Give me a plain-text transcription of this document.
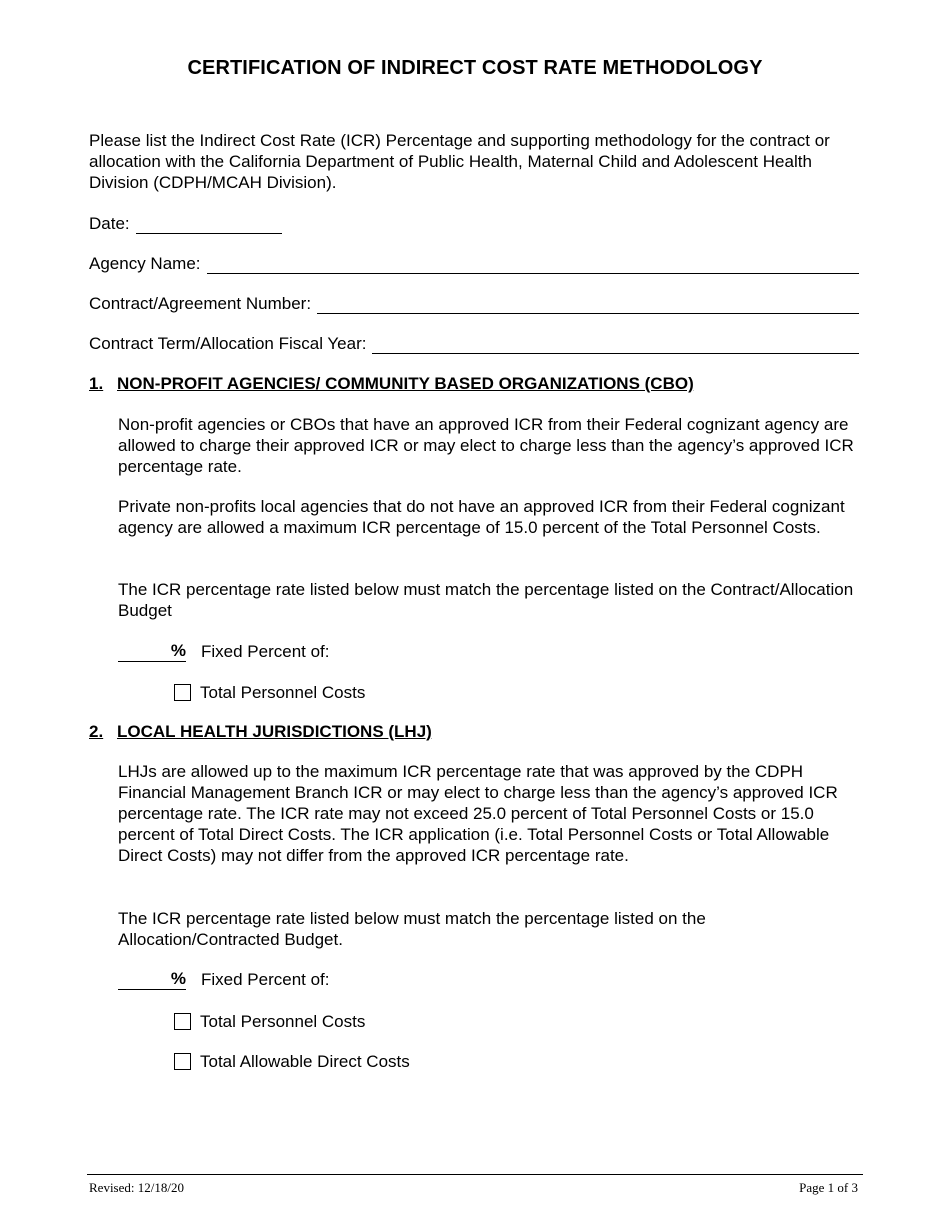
CERTIFICATION OF INDIRECT COST RATE METHODOLOGY
Please list the Indirect Cost Rate (ICR) Percentage and supporting methodology for the contract or allocation with the California Department of Public Health, Maternal Child and Adolescent Health Division (CDPH/MCAH Division).
Date:
Agency Name:
Contract/Agreement Number:
Contract Term/Allocation Fiscal Year:
1. NON-PROFIT AGENCIES/ COMMUNITY BASED ORGANIZATIONS (CBO)
Non-profit agencies or CBOs that have an approved ICR from their Federal cognizant agency are allowed to charge their approved ICR or may elect to charge less than the agency’s approved ICR percentage rate.
Private non-profits local agencies that do not have an approved ICR from their Federal cognizant agency are allowed a maximum ICR percentage of 15.0 percent of the Total Personnel Costs.
The ICR percentage rate listed below must match the percentage listed on the Contract/Allocation Budget
% Fixed Percent of:
Total Personnel Costs
2. LOCAL HEALTH JURISDICTIONS (LHJ)
LHJs are allowed up to the maximum ICR percentage rate that was approved by the CDPH Financial Management Branch ICR or may elect to charge less than the agency’s approved ICR percentage rate. The ICR rate may not exceed 25.0 percent of Total Personnel Costs or 15.0 percent of Total Direct Costs. The ICR application (i.e. Total Personnel Costs or Total Allowable Direct Costs) may not differ from the approved ICR percentage rate.
The ICR percentage rate listed below must match the percentage listed on the Allocation/Contracted Budget.
% Fixed Percent of:
Total Personnel Costs
Total Allowable Direct Costs
Revised: 12/18/20	Page 1 of 3
